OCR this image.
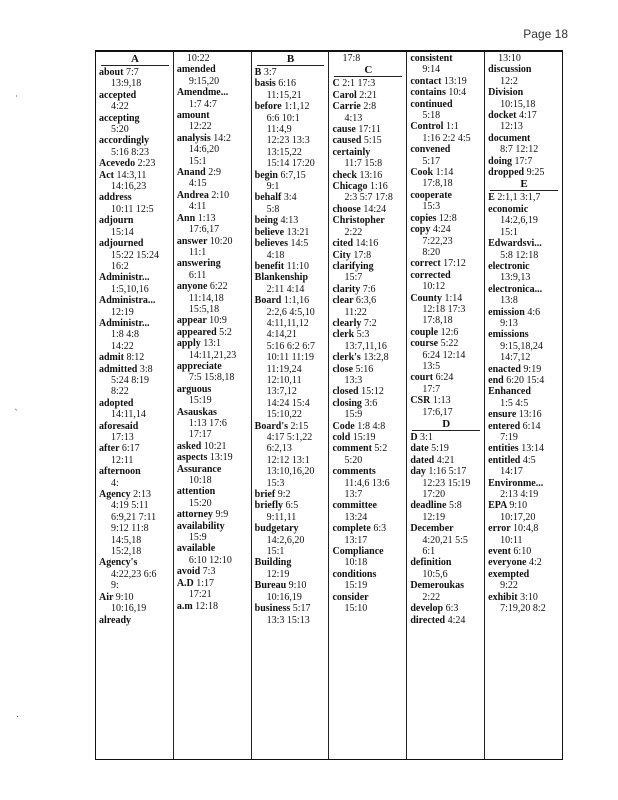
Page 18
˙
ˎ
·
A
about 7:7
13:9,18
accepted
4:22
accepting
5:20
accordingly
5:16 8:23
Acevedo 2:23
Act 14:3,11
14:16,23
address
10:11 12:5
adjourn
15:14
adjourned
15:22 15:24
16:2
Administr...
1:5,10,16
Administra...
12:19
Administr...
1:8 4:8
14:22
admit 8:12
admitted 3:8
5:24 8:19
8:22
adopted
14:11,14
aforesaid
17:13
after 6:17
12:11
afternoon
4:
Agency 2:13
4:19 5:11
6:9,21 7:11
9:12 11:8
14:5,18
15:2,18
Agency's
4:22,23 6:6
9:
Air 9:10
10:16,19
already
10:22
amended
9:15,20
Amendme...
1:7 4:7
amount
12:22
analysis 14:2
14:6,20
15:1
Anand 2:9
4:15
Andrea 2:10
4:11
Ann 1:13
17:6,17
answer 10:20
11:1
answering
6:11
anyone 6:22
11:14,18
15:5,18
appear 10:9
appeared 5:2
apply 13:1
14:11,21,23
appreciate
7:5 15:8,18
arguous
15:19
Asauskas
1:13 17:6
17:17
asked 10:21
aspects 13:19
Assurance
10:18
attention
15:20
attorney 9:9
availability
15:9
available
6:10 12:10
avoid 7:3
A.D 1:17
17:21
a.m 12:18
B
B 3:7
basis 6:16
11:15,21
before 1:1,12
6:6 10:1
11:4,9
12:23 13:3
13:15,22
15:14 17:20
begin 6:7,15
9:1
behalf 3:4
5:8
being 4:13
believe 13:21
believes 14:5
4:18
benefit 11:10
Blankenship
2:11 4:14
Board 1:1,16
2:2,6 4:5,10
4:11,11,12
4:14,21
5:16 6:2 6:7
10:11 11:19
11:19,24
12:10,11
13:7,12
14:24 15:4
15:10,22
Board's 2:15
4:17 5:1,22
6:2,13
12:12 13:1
13:10,16,20
15:3
brief 9:2
briefly 6:5
9:11,11
budgetary
14:2,6,20
15:1
Building
12:19
Bureau 9:10
10:16,19
business 5:17
13:3 15:13
17:8
C
C 2:1 17:3
Carol 2:21
Carrie 2:8
4:13
cause 17:11
caused 5:15
certainly
11:7 15:8
check 13:16
Chicago 1:16
2:3 5:7 17:8
choose 14:24
Christopher
2:22
cited 14:16
City 17:8
clarifying
15:7
clarity 7:6
clear 6:3,6
11:22
clearly 7:2
clerk 5:3
13:7,11,16
clerk's 13:2,8
close 5:16
13:3
closed 15:12
closing 3:6
15:9
Code 1:8 4:8
cold 15:19
comment 5:2
5:20
comments
11:4,6 13:6
13:7
committee
13:24
complete 6:3
13:17
Compliance
10:18
conditions
15:19
consider
15:10
consistent
9:14
contact 13:19
contains 10:4
continued
5:18
Control 1:1
1:16 2:2 4:5
convened
5:17
Cook 1:14
17:8,18
cooperate
15:3
copies 12:8
copy 4:24
7:22,23
8:20
correct 17:12
corrected
10:12
County 1:14
12:18 17:3
17:8,18
couple 12:6
course 5:22
6:24 12:14
13:5
court 6:24
17:7
CSR 1:13
17:6,17
D
D 3:1
date 5:19
dated 4:21
day 1:16 5:17
12:23 15:19
17:20
deadline 5:8
12:19
December
4:20,21 5:5
6:1
definition
10:5,6
Demeroukas
2:22
develop 6:3
directed 4:24
13:10
discussion
12:2
Division
10:15,18
docket 4:17
12:13
document
8:7 12:12
doing 17:7
dropped 9:25
E
E 2:1,1 3:1,7
economic
14:2,6,19
15:1
Edwardsvi...
5:8 12:18
electronic
13:9,13
electronica...
13:8
emission 4:6
9:13
emissions
9:15,18,24
14:7,12
enacted 9:19
end 6:20 15:4
Enhanced
1:5 4:5
ensure 13:16
entered 6:14
7:19
entities 13:14
entitled 4:5
14:17
Environme...
2:13 4:19
EPA 9:10
10:17,20
error 10:4,8
10:11
event 6:10
everyone 4:2
exempted
9:22
exhibit 3:10
7:19,20 8:2
